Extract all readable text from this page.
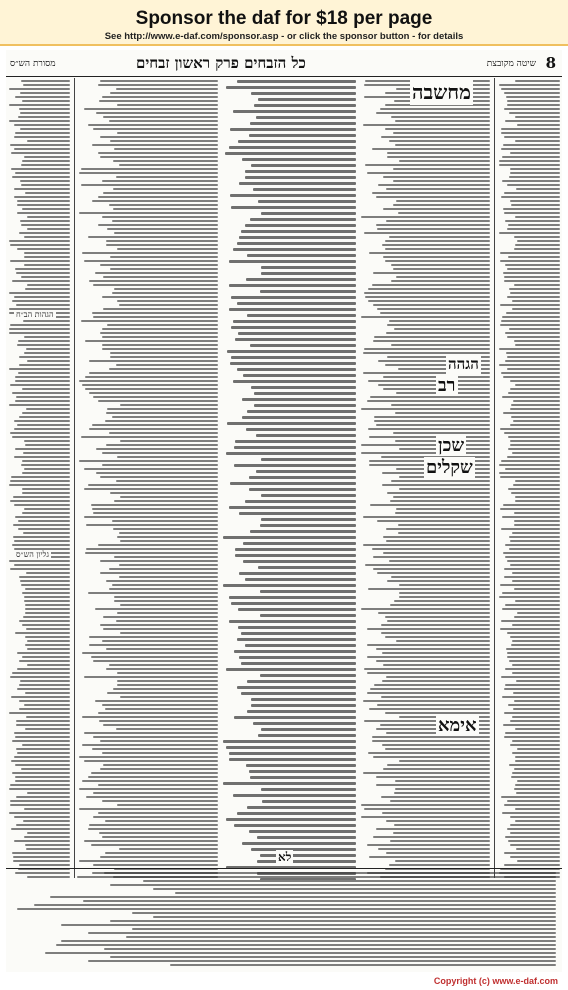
Sponsor the daf for $18 per page
See http://www.e-daf.com/sponsor.asp - or click the sponsor button - for details
8
שיטה מקובצת
כל הזבחים פרק ראשון זבחים
מסורת הש״ס
הגהות הב״ח
גליון הש״ס
מחשבה
הגהה
רב
שכן
שקלים
אימא
לא
Copyright (c) www.e-daf.com
